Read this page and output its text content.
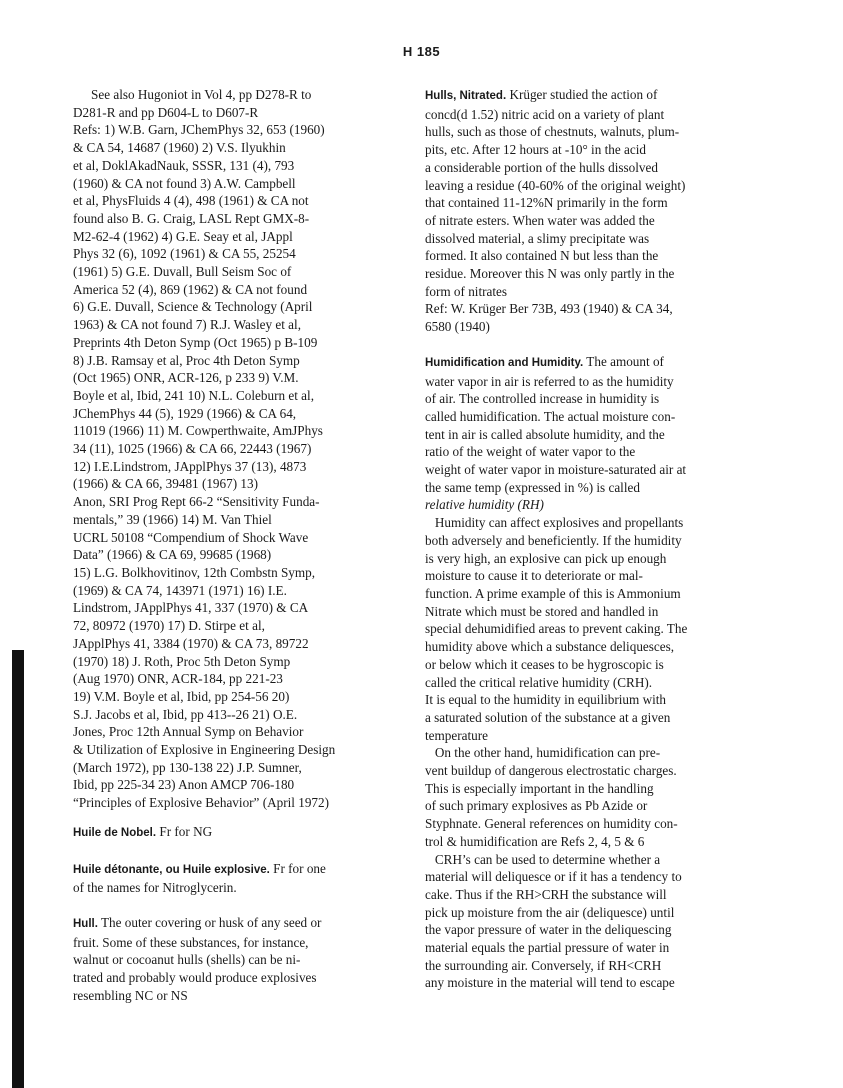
H 185
See also Hugoniot in Vol 4, pp D278-R to
D281-R and pp D604-L to D607-R
Refs: 1) W.B. Garn, JChemPhys 32, 653 (1960)
& CA 54, 14687 (1960) 2) V.S. Ilyukhin
et al, DoklAkadNauk, SSSR, 131 (4), 793
(1960) & CA not found 3) A.W. Campbell
et al, PhysFluids 4 (4), 498 (1961) & CA not
found also B. G. Craig, LASL Rept GMX-8-
M2-62-4 (1962) 4) G.E. Seay et al, JAppl
Phys 32 (6), 1092 (1961) & CA 55, 25254
(1961) 5) G.E. Duvall, Bull Seism Soc of
America 52 (4), 869 (1962) & CA not found
6) G.E. Duvall, Science & Technology (April
1963) & CA not found 7) R.J. Wasley et al,
Preprints 4th Deton Symp (Oct 1965) p B-109
8) J.B. Ramsay et al, Proc 4th Deton Symp
(Oct 1965) ONR, ACR-126, p 233 9) V.M.
Boyle et al, Ibid, 241 10) N.L. Coleburn et al,
JChemPhys 44 (5), 1929 (1966) & CA 64,
11019 (1966) 11) M. Cowperthwaite, AmJPhys
34 (11), 1025 (1966) & CA 66, 22443 (1967)
12) I.E.Lindstrom, JApplPhys 37 (13), 4873
(1966) & CA 66, 39481 (1967) 13)
Anon, SRI Prog Rept 66-2 “Sensitivity Funda-
mentals,” 39 (1966) 14) M. Van Thiel
UCRL 50108 “Compendium of Shock Wave
Data” (1966) & CA 69, 99685 (1968)
15) L.G. Bolkhovitinov, 12th Combstn Symp,
(1969) & CA 74, 143971 (1971) 16) I.E.
Lindstrom, JApplPhys 41, 337 (1970) & CA
72, 80972 (1970) 17) D. Stirpe et al,
JApplPhys 41, 3384 (1970) & CA 73, 89722
(1970) 18) J. Roth, Proc 5th Deton Symp
(Aug 1970) ONR, ACR-184, pp 221-23
19) V.M. Boyle et al, Ibid, pp 254-56 20)
S.J. Jacobs et al, Ibid, pp 413--26 21) O.E.
Jones, Proc 12th Annual Symp on Behavior
& Utilization of Explosive in Engineering Design
(March 1972), pp 130-138 22) J.P. Sumner,
Ibid, pp 225-34 23) Anon AMCP 706-180
“Principles of Explosive Behavior” (April 1972)
Huile de Nobel. Fr for NG
Huile détonante, ou Huile explosive. Fr for one
of the names for Nitroglycerin.
Hull. The outer covering or husk of any seed or
fruit. Some of these substances, for instance,
walnut or cocoanut hulls (shells) can be ni-
trated and probably would produce explosives
resembling NC or NS
Hulls, Nitrated. Krüger studied the action of
concd(d 1.52) nitric acid on a variety of plant
hulls, such as those of chestnuts, walnuts, plum-
pits, etc. After 12 hours at -10° in the acid
a considerable portion of the hulls dissolved
leaving a residue (40-60% of the original weight)
that contained 11-12%N primarily in the form
of nitrate esters. When water was added the
dissolved material, a slimy precipitate was
formed. It also contained N but less than the
residue. Moreover this N was only partly in the
form of nitrates
Ref: W. Krüger Ber 73B, 493 (1940) & CA 34,
6580 (1940)
Humidification and Humidity. The amount of
water vapor in air is referred to as the humidity
of air. The controlled increase in humidity is
called humidification. The actual moisture con-
tent in air is called absolute humidity, and the
ratio of the weight of water vapor to the
weight of water vapor in moisture-saturated air at
the same temp (expressed in %) is called
relative humidity (RH)
Humidity can affect explosives and propellants
both adversely and beneficiently. If the humidity
is very high, an explosive can pick up enough
moisture to cause it to deteriorate or mal-
function. A prime example of this is Ammonium
Nitrate which must be stored and handled in
special dehumidified areas to prevent caking. The
humidity above which a substance deliquesces,
or below which it ceases to be hygroscopic is
called the critical relative humidity (CRH).
It is equal to the humidity in equilibrium with
a saturated solution of the substance at a given
temperature
On the other hand, humidification can pre-
vent buildup of dangerous electrostatic charges.
This is especially important in the handling
of such primary explosives as Pb Azide or
Styphnate. General references on humidity con-
trol & humidification are Refs 2, 4, 5 & 6
CRH’s can be used to determine whether a
material will deliquesce or if it has a tendency to
cake. Thus if the RH>CRH the substance will
pick up moisture from the air (deliquesce) until
the vapor pressure of water in the deliquescing
material equals the partial pressure of water in
the surrounding air. Conversely, if RH<CRH
any moisture in the material will tend to escape
